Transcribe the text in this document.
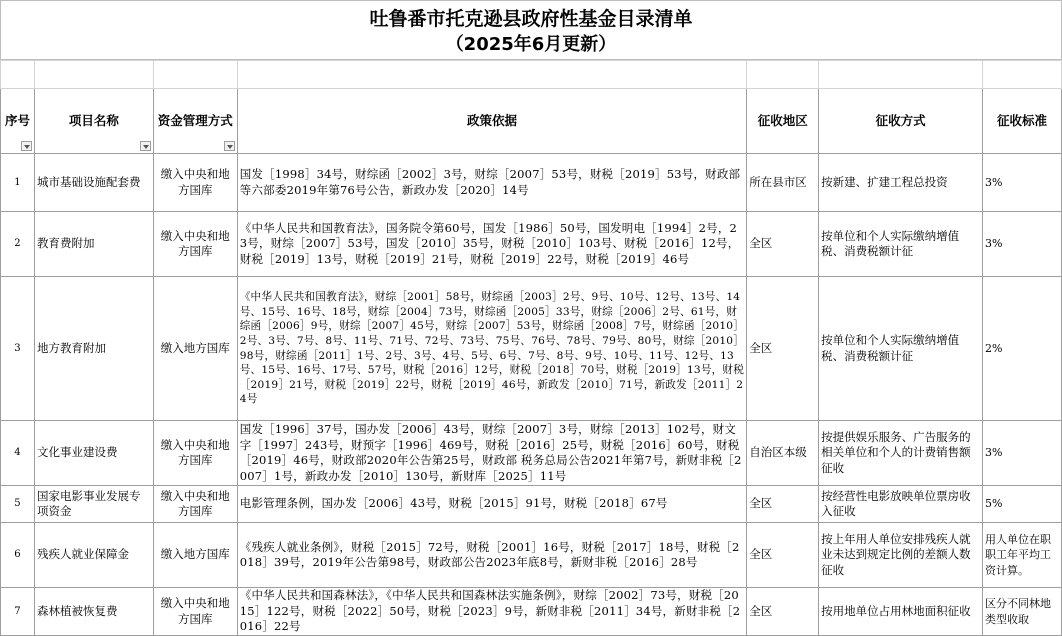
吐鲁番市托克逊县政府性基金目录清单
（2025年6月更新）

序号	项目名称	资金管理方式	政策依据	征收地区	征收方式	征收标准
1	城市基础设施配套费	缴入中央和地方国库	国发［1998］34号，财综函［2002］3号，财综［2007］53号，财税［2019］53号，财政部等六部委2019年第76号公告，新政办发［2020］14号	所在县市区	按新建、扩建工程总投资	3%
2	教育费附加	缴入中央和地方国库	《中华人民共和国教育法》，国务院令第60号，国发［1986］50号，国发明电［1994］2号，23号，财综［2007］53号，国发［2010］35号，财税［2010］103号、财税［2016］12号，财税［2019］13号，财税［2019］21号，财税［2019］22号，财税［2019］46号	全区	按单位和个人实际缴纳增值税、消费税额计征	3%
3	地方教育附加	缴入地方国库	《中华人民共和国教育法》，财综［2001］58号，财综函［2003］2号、9号、10号、12号、13号、14号、15号、16号、18号，财综［2004］73号，财综函［2005］33号，财综［2006］2号、61号，财综函［2006］9号，财综［2007］45号，财综［2007］53号，财综函［2008］7号，财综函［2010］2号、3号、7号、8号、11号、71号、72号、73号、75号、76号、78号、79号、80号，财综［2010］98号，财综函［2011］1号、2号、3号、4号、5号、6号、7号、8号、9号、10号、11号、12号、13号、15号、16号、17号、57号，财税［2016］12号，财税［2018］70号，财税［2019］13号，财税［2019］21号，财税［2019］22号，财税［2019］46号，新政发［2010］71号，新政发［2011］24号	全区	按单位和个人实际缴纳增值税、消费税额计征	2%
4	文化事业建设费	缴入中央和地方国库	国发［1996］37号，国办发［2006］43号，财综［2007］3号，财综［2013］102号，财文字［1997］243号，财预字［1996］469号，财税［2016］25号，财税［2016］60号，财税［2019］46号，财政部2020年公告第25号，财政部 税务总局公告2021年第7号，新财非税［2007］1号，新政办发［2010］130号，新财库［2025］11号	自治区本级	按提供娱乐服务、广告服务的相关单位和个人的计费销售额征收	3%
5	国家电影事业发展专项资金	缴入中央和地方国库	电影管理条例，国办发［2006］43号，财税［2015］91号，财税［2018］67号	全区	按经营性电影放映单位票房收入征收	5%
6	残疾人就业保障金	缴入地方国库	《残疾人就业条例》，财税［2015］72号，财税［2001］16号，财税［2017］18号，财税［2018］39号，2019年公告第98号，财政部公告2023年底8号，新财非税［2016］28号	全区	按上年用人单位安排残疾人就业未达到规定比例的差额人数征收	用人单位在职职工年平均工资计算。
7	森林植被恢复费	缴入中央和地方国库	《中华人民共和国森林法》，《中华人民共和国森林法实施条例》，财综［2002］73号，财税［2015］122号，财税［2022］50号，财税［2023］9号，新财非税［2011］34号，新财非税［2016］22号	全区	按用地单位占用林地面积征收	区分不同林地类型收取
